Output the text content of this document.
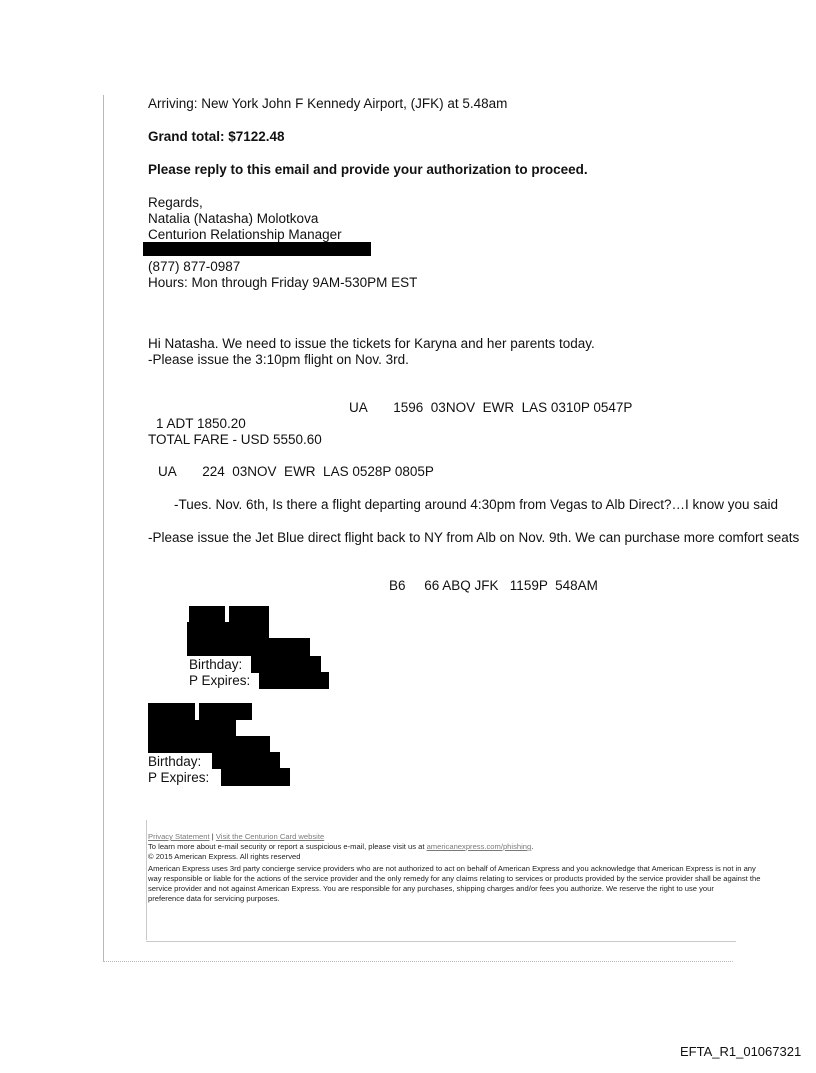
Arriving: New York John F Kennedy Airport, (JFK) at 5.48am
Grand total: $7122.48
Please reply to this email and provide your authorization to proceed.
Regards,
Natalia (Natasha) Molotkova
Centurion Relationship Manager
(877) 877-0987
Hours: Mon through Friday 9AM-530PM EST
Hi Natasha. We need to issue the tickets for Karyna and her parents today.
-Please issue the 3:10pm flight on Nov. 3rd.
UA       1596  03NOV  EWR  LAS 0310P 0547P
1 ADT 1850.20
TOTAL FARE - USD 5550.60
UA       224  03NOV  EWR  LAS 0528P 0805P
-Tues. Nov. 6th, Is there a flight departing around 4:30pm from Vegas to Alb Direct?…I know you said
-Please issue the Jet Blue direct flight back to NY from Alb on Nov. 9th. We can purchase more comfort seats
B6     66 ABQ JFK   1159P  548AM
Birthday:
P Expires:
Birthday:
P Expires:
Privacy Statement | Visit the Centurion Card website
To learn more about e-mail security or report a suspicious e-mail, please visit us at americanexpress.com/phishing.
© 2015 American Express. All rights reserved
American Express uses 3rd party concierge service providers who are not authorized to act on behalf of American Express and you acknowledge that American Express is not in any
way responsible or liable for the actions of the service provider and the only remedy for any claims relating to services or products provided by the service provider shall be against the
service provider and not against American Express. You are responsible for any purchases, shipping charges and/or fees you authorize. We reserve the right to use your
preference data for servicing purposes.
EFTA_R1_01067321
